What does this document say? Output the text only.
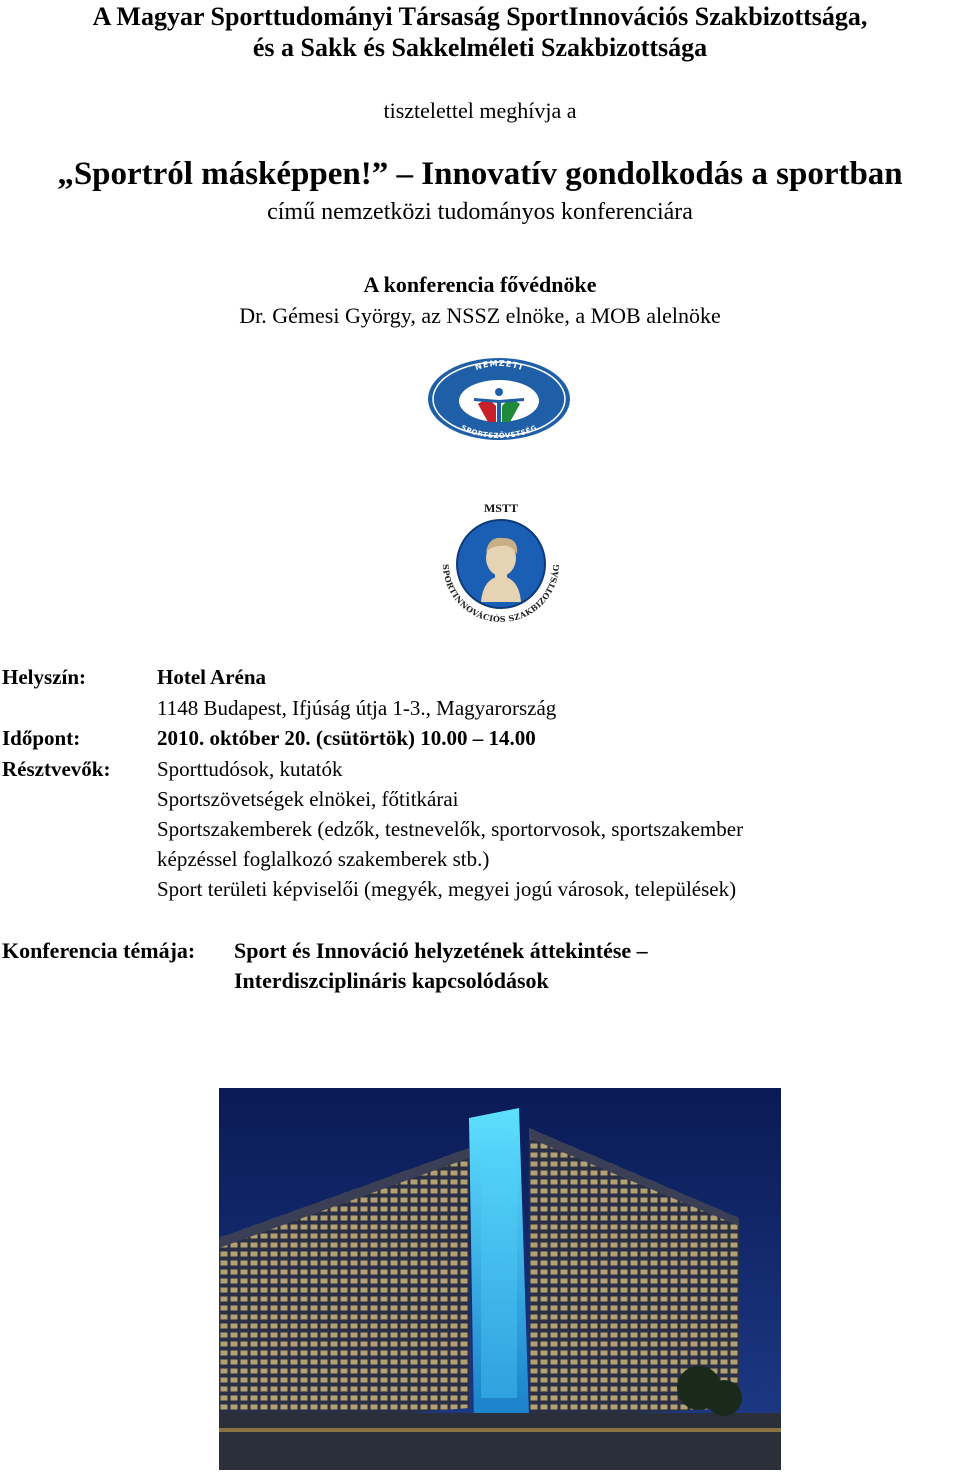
A Magyar Sporttudományi Társaság SportInnovációs Szakbizottsága,
és a Sakk és Sakkelméleti Szakbizottsága
tisztelettel meghívja a
„Sportról másképpen!” – Innovatív gondolkodás a sportban
című nemzetközi tudományos konferenciára
A konferencia fővédnöke
Dr. Gémesi György, az NSSZ elnöke, a MOB alelnöke
NEMZETI
SPORTSZÖVETSÉG
MSTT
SPORTINNOVÁCIÓS SZAKBIZOTTSÁG
Helyszín:	Hotel Aréna
1148 Budapest, Ifjúság útja 1-3., Magyarország
Időpont:	2010. október 20. (csütörtök) 10.00 – 14.00
Résztvevők: Sporttudósok, kutatók
Sportszövetségek elnökei, főtitkárai
Sportszakemberek (edzők, testnevelők, sportorvosok, sportszakember
képzéssel foglalkozó szakemberek stb.)
Sport területi képviselői (megyék, megyei jogú városok, települések)
Konferencia témája: Sport és Innováció helyzetének áttekintése –
Interdiszciplináris kapcsolódások
